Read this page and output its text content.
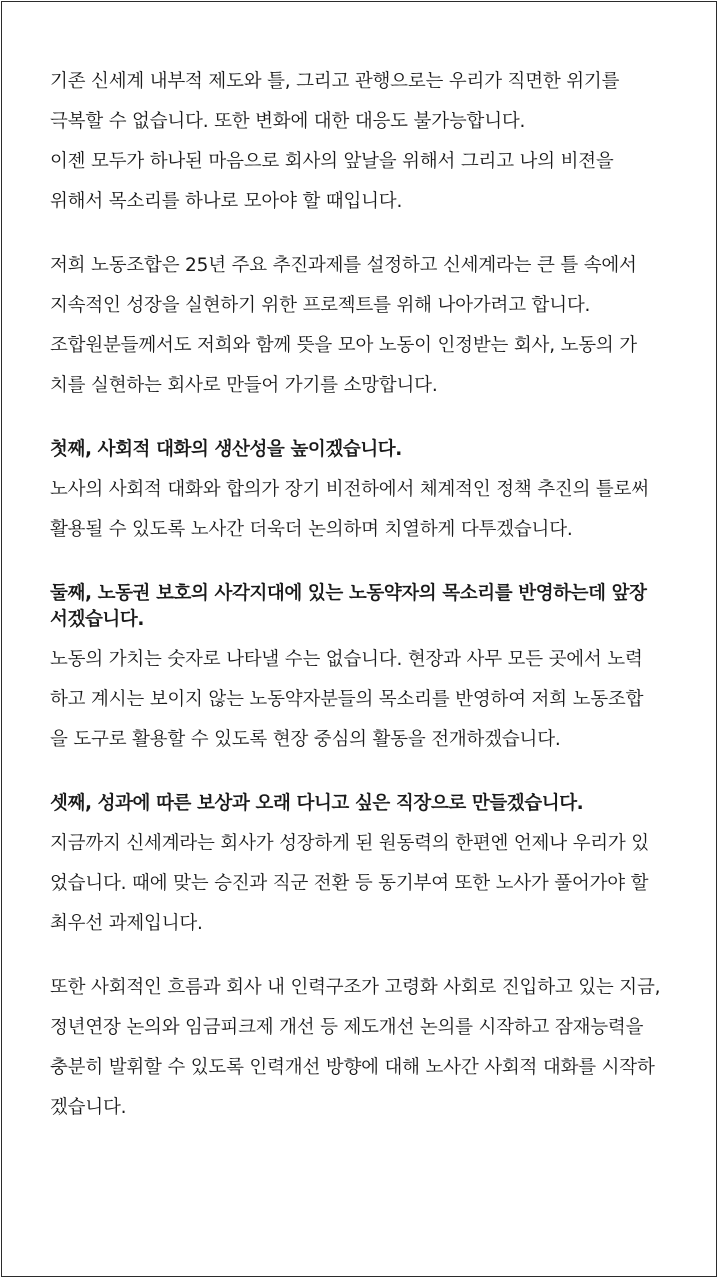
기존 신세계 내부적 제도와 틀, 그리고 관행으로는 우리가 직면한 위기를

극복할 수 없습니다. 또한 변화에 대한 대응도 불가능합니다.

이젠 모두가 하나된 마음으로 회사의 앞날을 위해서 그리고 나의 비젼을

위해서 목소리를 하나로 모아야 할 때입니다.

저희 노동조합은 25년 주요 추진과제를 설정하고 신세계라는 큰 틀 속에서

지속적인 성장을 실현하기 위한 프로젝트를 위해 나아가려고 합니다.

조합원분들께서도 저희와 함께 뜻을 모아 노동이 인정받는 회사, 노동의 가

치를 실현하는 회사로 만들어 가기를 소망합니다.

첫째, 사회적 대화의 생산성을 높이겠습니다.

노사의 사회적 대화와 합의가 장기 비전하에서 체계적인 정책 추진의 틀로써

활용될 수 있도록 노사간 더욱더 논의하며 치열하게 다투겠습니다.

둘째, 노동권 보호의 사각지대에 있는 노동약자의 목소리를 반영하는데 앞장
서겠습니다.

노동의 가치는 숫자로 나타낼 수는 없습니다. 현장과 사무 모든 곳에서 노력

하고 계시는 보이지 않는 노동약자분들의 목소리를 반영하여 저희 노동조합

을 도구로 활용할 수 있도록 현장 중심의 활동을 전개하겠습니다.

셋째, 성과에 따른 보상과 오래 다니고 싶은 직장으로 만들겠습니다.

지금까지 신세계라는 회사가 성장하게 된 원동력의 한편엔 언제나 우리가 있

었습니다. 때에 맞는 승진과 직군 전환 등 동기부여 또한 노사가 풀어가야 할

최우선 과제입니다.

또한 사회적인 흐름과 회사 내 인력구조가 고령화 사회로 진입하고 있는 지금,

정년연장 논의와 임금피크제 개선 등 제도개선 논의를 시작하고 잠재능력을

충분히 발휘할 수 있도록 인력개선 방향에 대해 노사간 사회적 대화를 시작하

겠습니다.
